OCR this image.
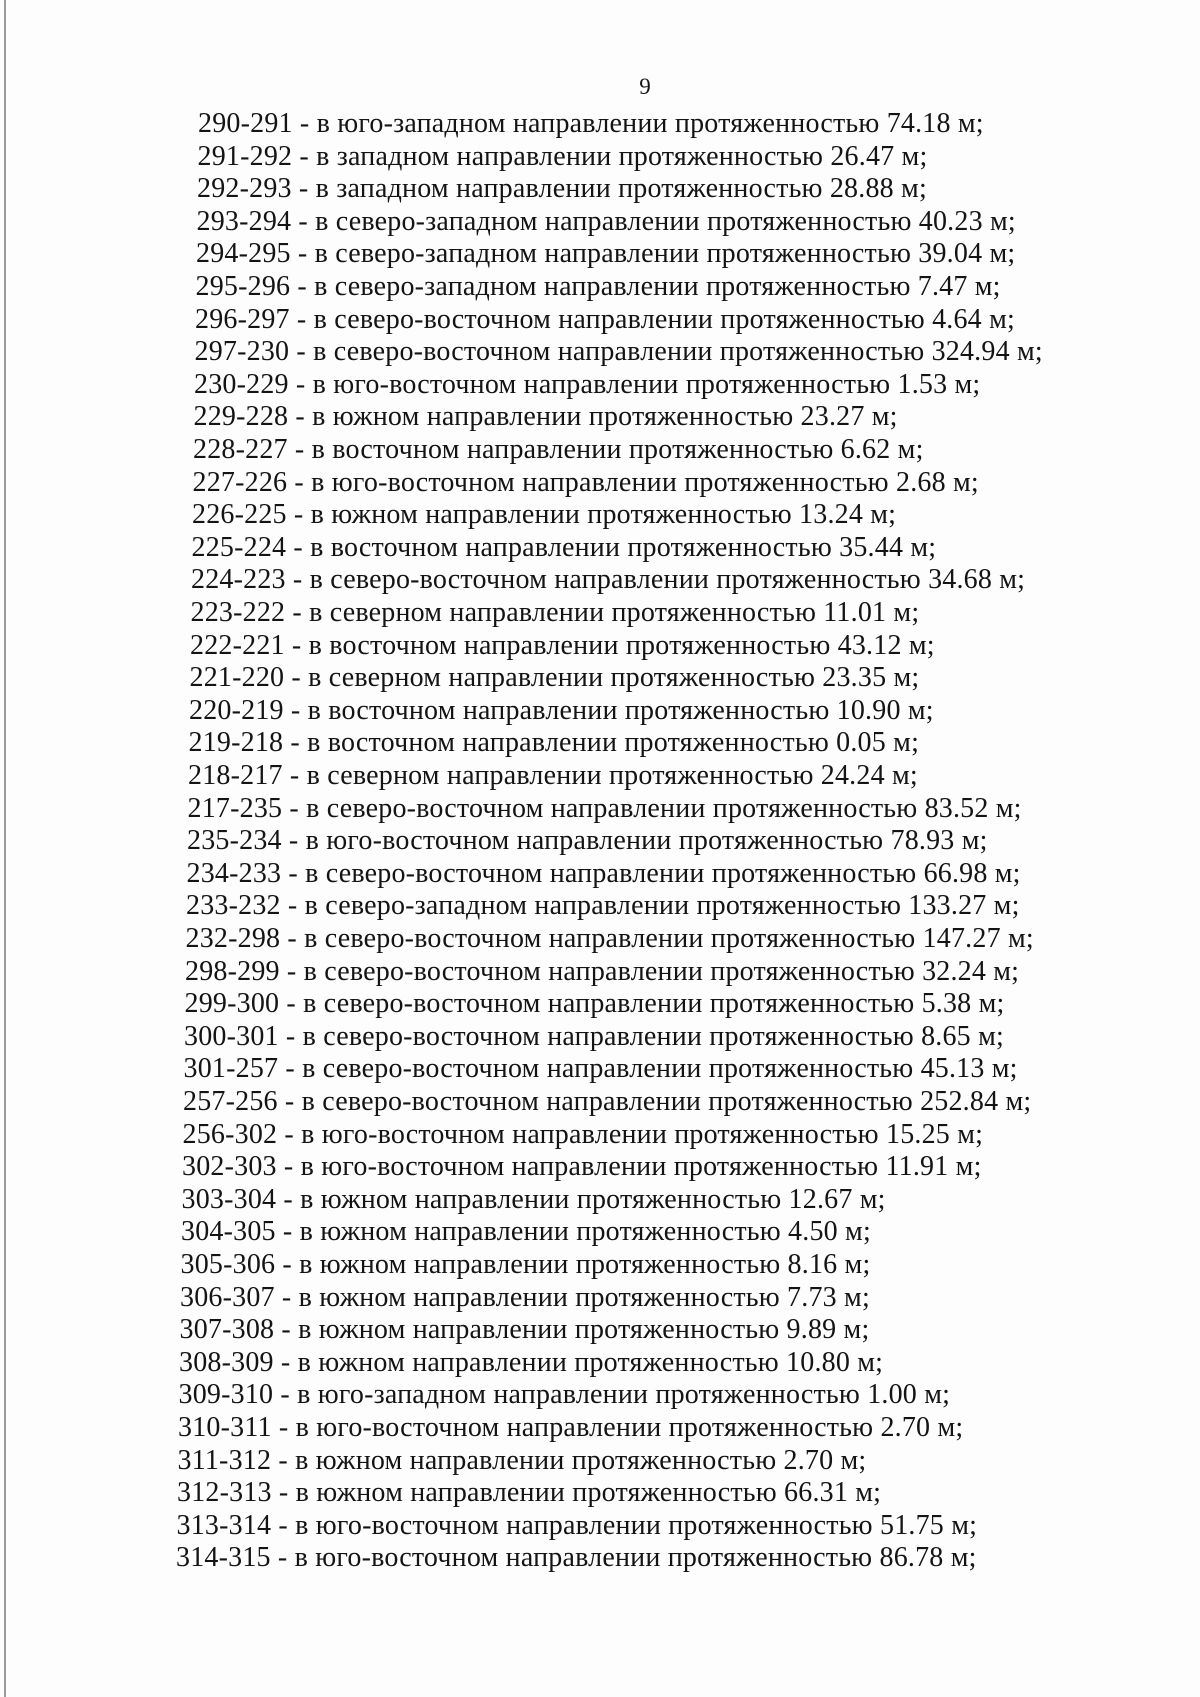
9
290-291 - в юго-западном направлении протяженностью 74.18 м;
291-292 - в западном направлении протяженностью 26.47 м;
292-293 - в западном направлении протяженностью 28.88 м;
293-294 - в северо-западном направлении протяженностью 40.23 м;
294-295 - в северо-западном направлении протяженностью 39.04 м;
295-296 - в северо-западном направлении протяженностью 7.47 м;
296-297 - в северо-восточном направлении протяженностью 4.64 м;
297-230 - в северо-восточном направлении протяженностью 324.94 м;
230-229 - в юго-восточном направлении протяженностью 1.53 м;
229-228 - в южном направлении протяженностью 23.27 м;
228-227 - в восточном направлении протяженностью 6.62 м;
227-226 - в юго-восточном направлении протяженностью 2.68 м;
226-225 - в южном направлении протяженностью 13.24 м;
225-224 - в восточном направлении протяженностью 35.44 м;
224-223 - в северо-восточном направлении протяженностью 34.68 м;
223-222 - в северном направлении протяженностью 11.01 м;
222-221 - в восточном направлении протяженностью 43.12 м;
221-220 - в северном направлении протяженностью 23.35 м;
220-219 - в восточном направлении протяженностью 10.90 м;
219-218 - в восточном направлении протяженностью 0.05 м;
218-217 - в северном направлении протяженностью 24.24 м;
217-235 - в северо-восточном направлении протяженностью 83.52 м;
235-234 - в юго-восточном направлении протяженностью 78.93 м;
234-233 - в северо-восточном направлении протяженностью 66.98 м;
233-232 - в северо-западном направлении протяженностью 133.27 м;
232-298 - в северо-восточном направлении протяженностью 147.27 м;
298-299 - в северо-восточном направлении протяженностью 32.24 м;
299-300 - в северо-восточном направлении протяженностью 5.38 м;
300-301 - в северо-восточном направлении протяженностью 8.65 м;
301-257 - в северо-восточном направлении протяженностью 45.13 м;
257-256 - в северо-восточном направлении протяженностью 252.84 м;
256-302 - в юго-восточном направлении протяженностью 15.25 м;
302-303 - в юго-восточном направлении протяженностью 11.91 м;
303-304 - в южном направлении протяженностью 12.67 м;
304-305 - в южном направлении протяженностью 4.50 м;
305-306 - в южном направлении протяженностью 8.16 м;
306-307 - в южном направлении протяженностью 7.73 м;
307-308 - в южном направлении протяженностью 9.89 м;
308-309 - в южном направлении протяженностью 10.80 м;
309-310 - в юго-западном направлении протяженностью 1.00 м;
310-311 - в юго-восточном направлении протяженностью 2.70 м;
311-312 - в южном направлении протяженностью 2.70 м;
312-313 - в южном направлении протяженностью 66.31 м;
313-314 - в юго-восточном направлении протяженностью 51.75 м;
314-315 - в юго-восточном направлении протяженностью 86.78 м;
